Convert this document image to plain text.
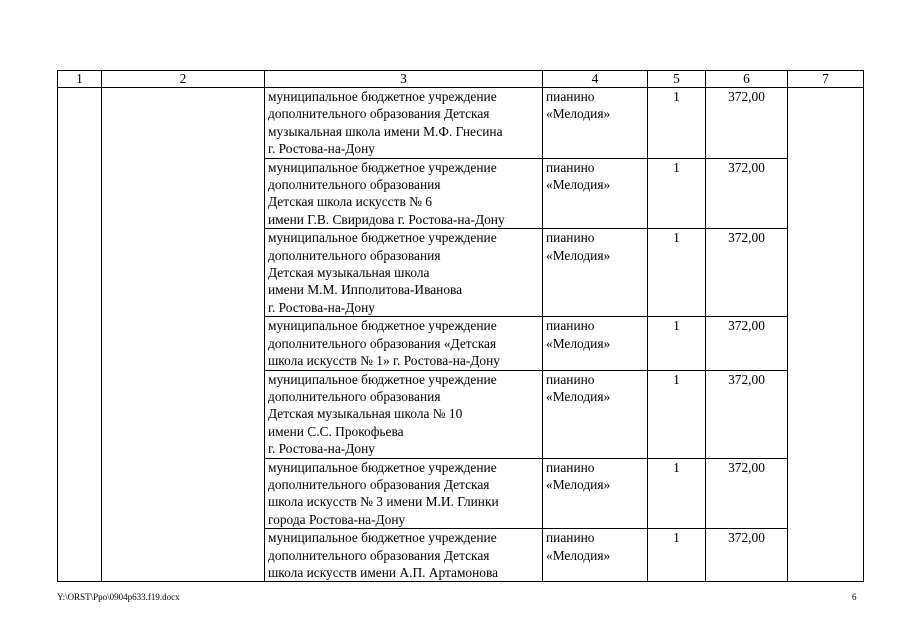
1	2	3	4	5	6	7

		муниципальное бюджетное учреждение
дополнительного образования Детская
музыкальная школа имени М.Ф. Гнесина
г. Ростова-на-Дону	пианино
«Мелодия»	1	372,00	

		муниципальное бюджетное учреждение
дополнительного образования
Детская школа искусств № 6
имени Г.В. Свиридова г. Ростова-на-Дону	пианино
«Мелодия»	1	372,00	

		муниципальное бюджетное учреждение
дополнительного образования
Детская музыкальная школа
имени М.М. Ипполитова-Иванова
г. Ростова-на-Дону	пианино
«Мелодия»	1	372,00	

		муниципальное бюджетное учреждение
дополнительного образования «Детская
школа искусств № 1» г. Ростова-на-Дону	пианино
«Мелодия»	1	372,00	

		муниципальное бюджетное учреждение
дополнительного образования
Детская музыкальная школа № 10
имени С.С. Прокофьева
г. Ростова-на-Дону	пианино
«Мелодия»	1	372,00	

		муниципальное бюджетное учреждение
дополнительного образования Детская
школа искусств № 3 имени М.И. Глинки
города Ростова-на-Дону	пианино
«Мелодия»	1	372,00	

		муниципальное бюджетное учреждение
дополнительного образования Детская
школа искусств имени А.П. Артамонова	пианино
«Мелодия»	1	372,00	
Y:\ORST\Ppo\0904p633.f19.docx	6
